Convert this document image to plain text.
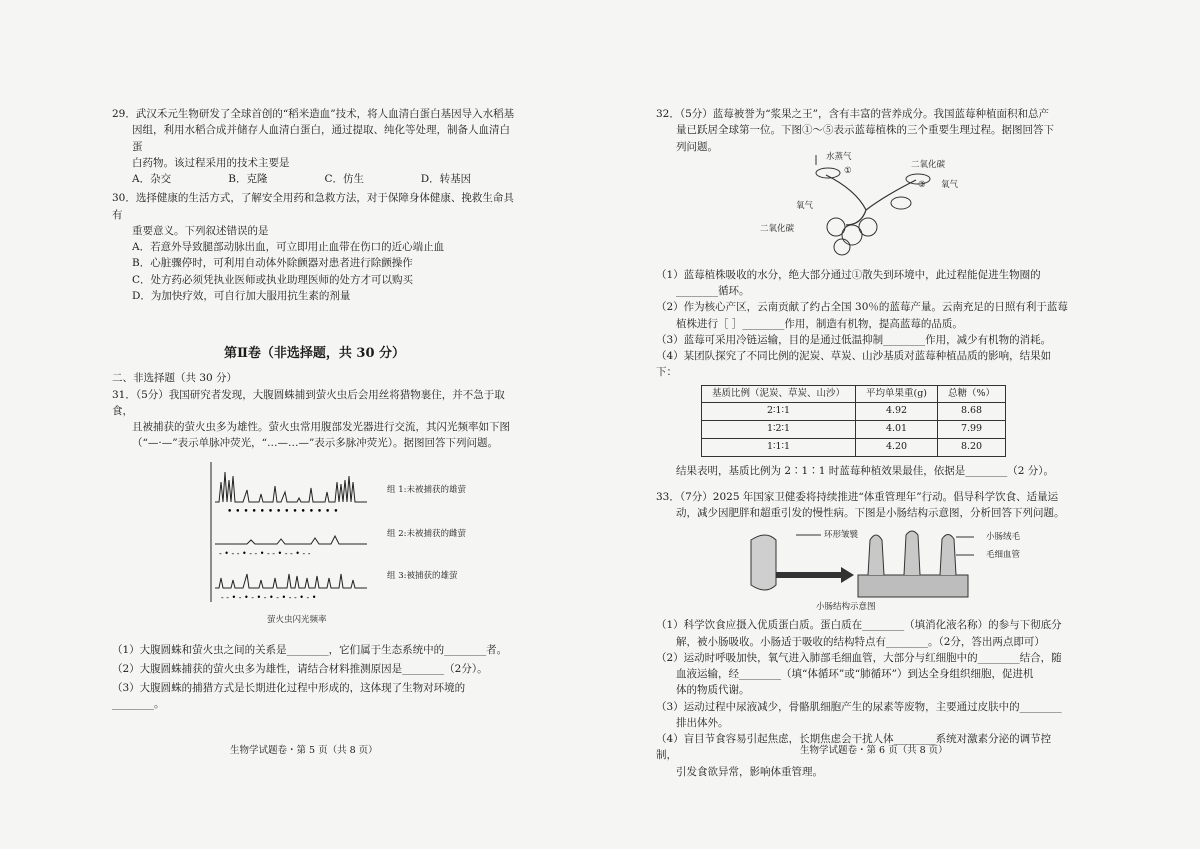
29．武汉禾元生物研发了全球首创的“稻米造血”技术，将人血清白蛋白基因导入水稻基

因组，利用水稻合成并储存人血清白蛋白，通过提取、纯化等处理，制备人血清白蛋

白药物。该过程采用的技术主要是

A．杂交	B．克隆	C．仿生	D．转基因

30．选择健康的生活方式，了解安全用药和急救方法，对于保障身体健康、挽救生命具有

重要意义。下列叙述错误的是

A．若意外导致腿部动脉出血，可立即用止血带在伤口的近心端止血

B．心脏骤停时，可利用自动体外除颤器对患者进行除颤操作

C．处方药必须凭执业医师或执业助理医师的处方才可以购买

D．为加快疗效，可自行加大服用抗生素的剂量

第Ⅱ卷（非选择题，共 30 分）

二、非选择题（共 30 分）

31．（5分）我国研究者发现，大腹圆蛛捕到萤火虫后会用丝将猎物裹住，并不急于取食，

且被捕获的萤火虫多为雄性。萤火虫常用腹部发光器进行交流，其闪光频率如下图

（“—·—”表示单脉冲荧光，“…—…—”表示多脉冲荧光）。据图回答下列问题。

• • • • • • • • • • • • • •
- • - - • - - • - - • - - • - -
- - • - • - • - • - • - - • - •
组 1:未被捕获的雄萤
组 2:未被捕获的雌萤
组 3:被捕获的雄萤
萤火虫闪光频率

（1）大腹圆蛛和萤火虫之间的关系是________，它们属于生态系统中的________者。

（2）大腹圆蛛捕获的萤火虫多为雄性，请结合材料推测原因是________（2分）。

（3）大腹圆蛛的捕猎方式是长期进化过程中形成的，这体现了生物对环境的________。

生物学试题卷・第 5 页（共 8 页）

32．（5分）蓝莓被誉为“浆果之王”，含有丰富的营养成分。我国蓝莓种植面积和总产

量已跃居全球第一位。下图①～⑤表示蓝莓植株的三个重要生理过程。据图回答下

列问题。

水蒸气
①
二氧化碳
③ 氧气
氧气
二氧化碳

（1）蓝莓植株吸收的水分，绝大部分通过①散失到环境中，此过程能促进生物圈的

________循环。

（2）作为核心产区，云南贡献了约占全国 30％的蓝莓产量。云南充足的日照有利于蓝莓

植株进行［ ］________作用，制造有机物，提高蓝莓的品质。

（3）蓝莓可采用冷链运输，目的是通过低温抑制________作用，减少有机物的消耗。

（4）某团队探究了不同比例的泥炭、草炭、山沙基质对蓝莓种植品质的影响，结果如下：

基质比例（泥炭、草炭、山沙）	平均单果重(g)	总糖（%）
2∶1∶1	4.92	8.68
1∶2∶1	4.01	7.99
1∶1∶1	4.20	8.20

结果表明，基质比例为 2∶1∶1 时蓝莓种植效果最佳，依据是________（2 分）。

33．（7分）2025 年国家卫健委将持续推进“体重管理年”行动。倡导科学饮食、适量运

动，减少因肥胖和超重引发的慢性病。下图是小肠结构示意图，分析回答下列问题。

环形皱襞	小肠绒毛
毛细血管
小肠结构示意图

（1）科学饮食应摄入优质蛋白质。蛋白质在________（填消化液名称）的参与下彻底分

解，被小肠吸收。小肠适于吸收的结构特点有________。（2分，答出两点即可）

（2）运动时呼吸加快，氧气进入肺部毛细血管，大部分与红细胞中的________结合，随

血液运输，经________（填“体循环”或“肺循环”）到达全身组织细胞，促进机

体的物质代谢。

（3）运动过程中尿液减少，骨骼肌细胞产生的尿素等废物，主要通过皮肤中的________

排出体外。

（4）盲目节食容易引起焦虑，长期焦虑会干扰人体________系统对激素分泌的调节控制，

引发食欲异常，影响体重管理。

生物学试题卷・第 6 页（共 8 页）
